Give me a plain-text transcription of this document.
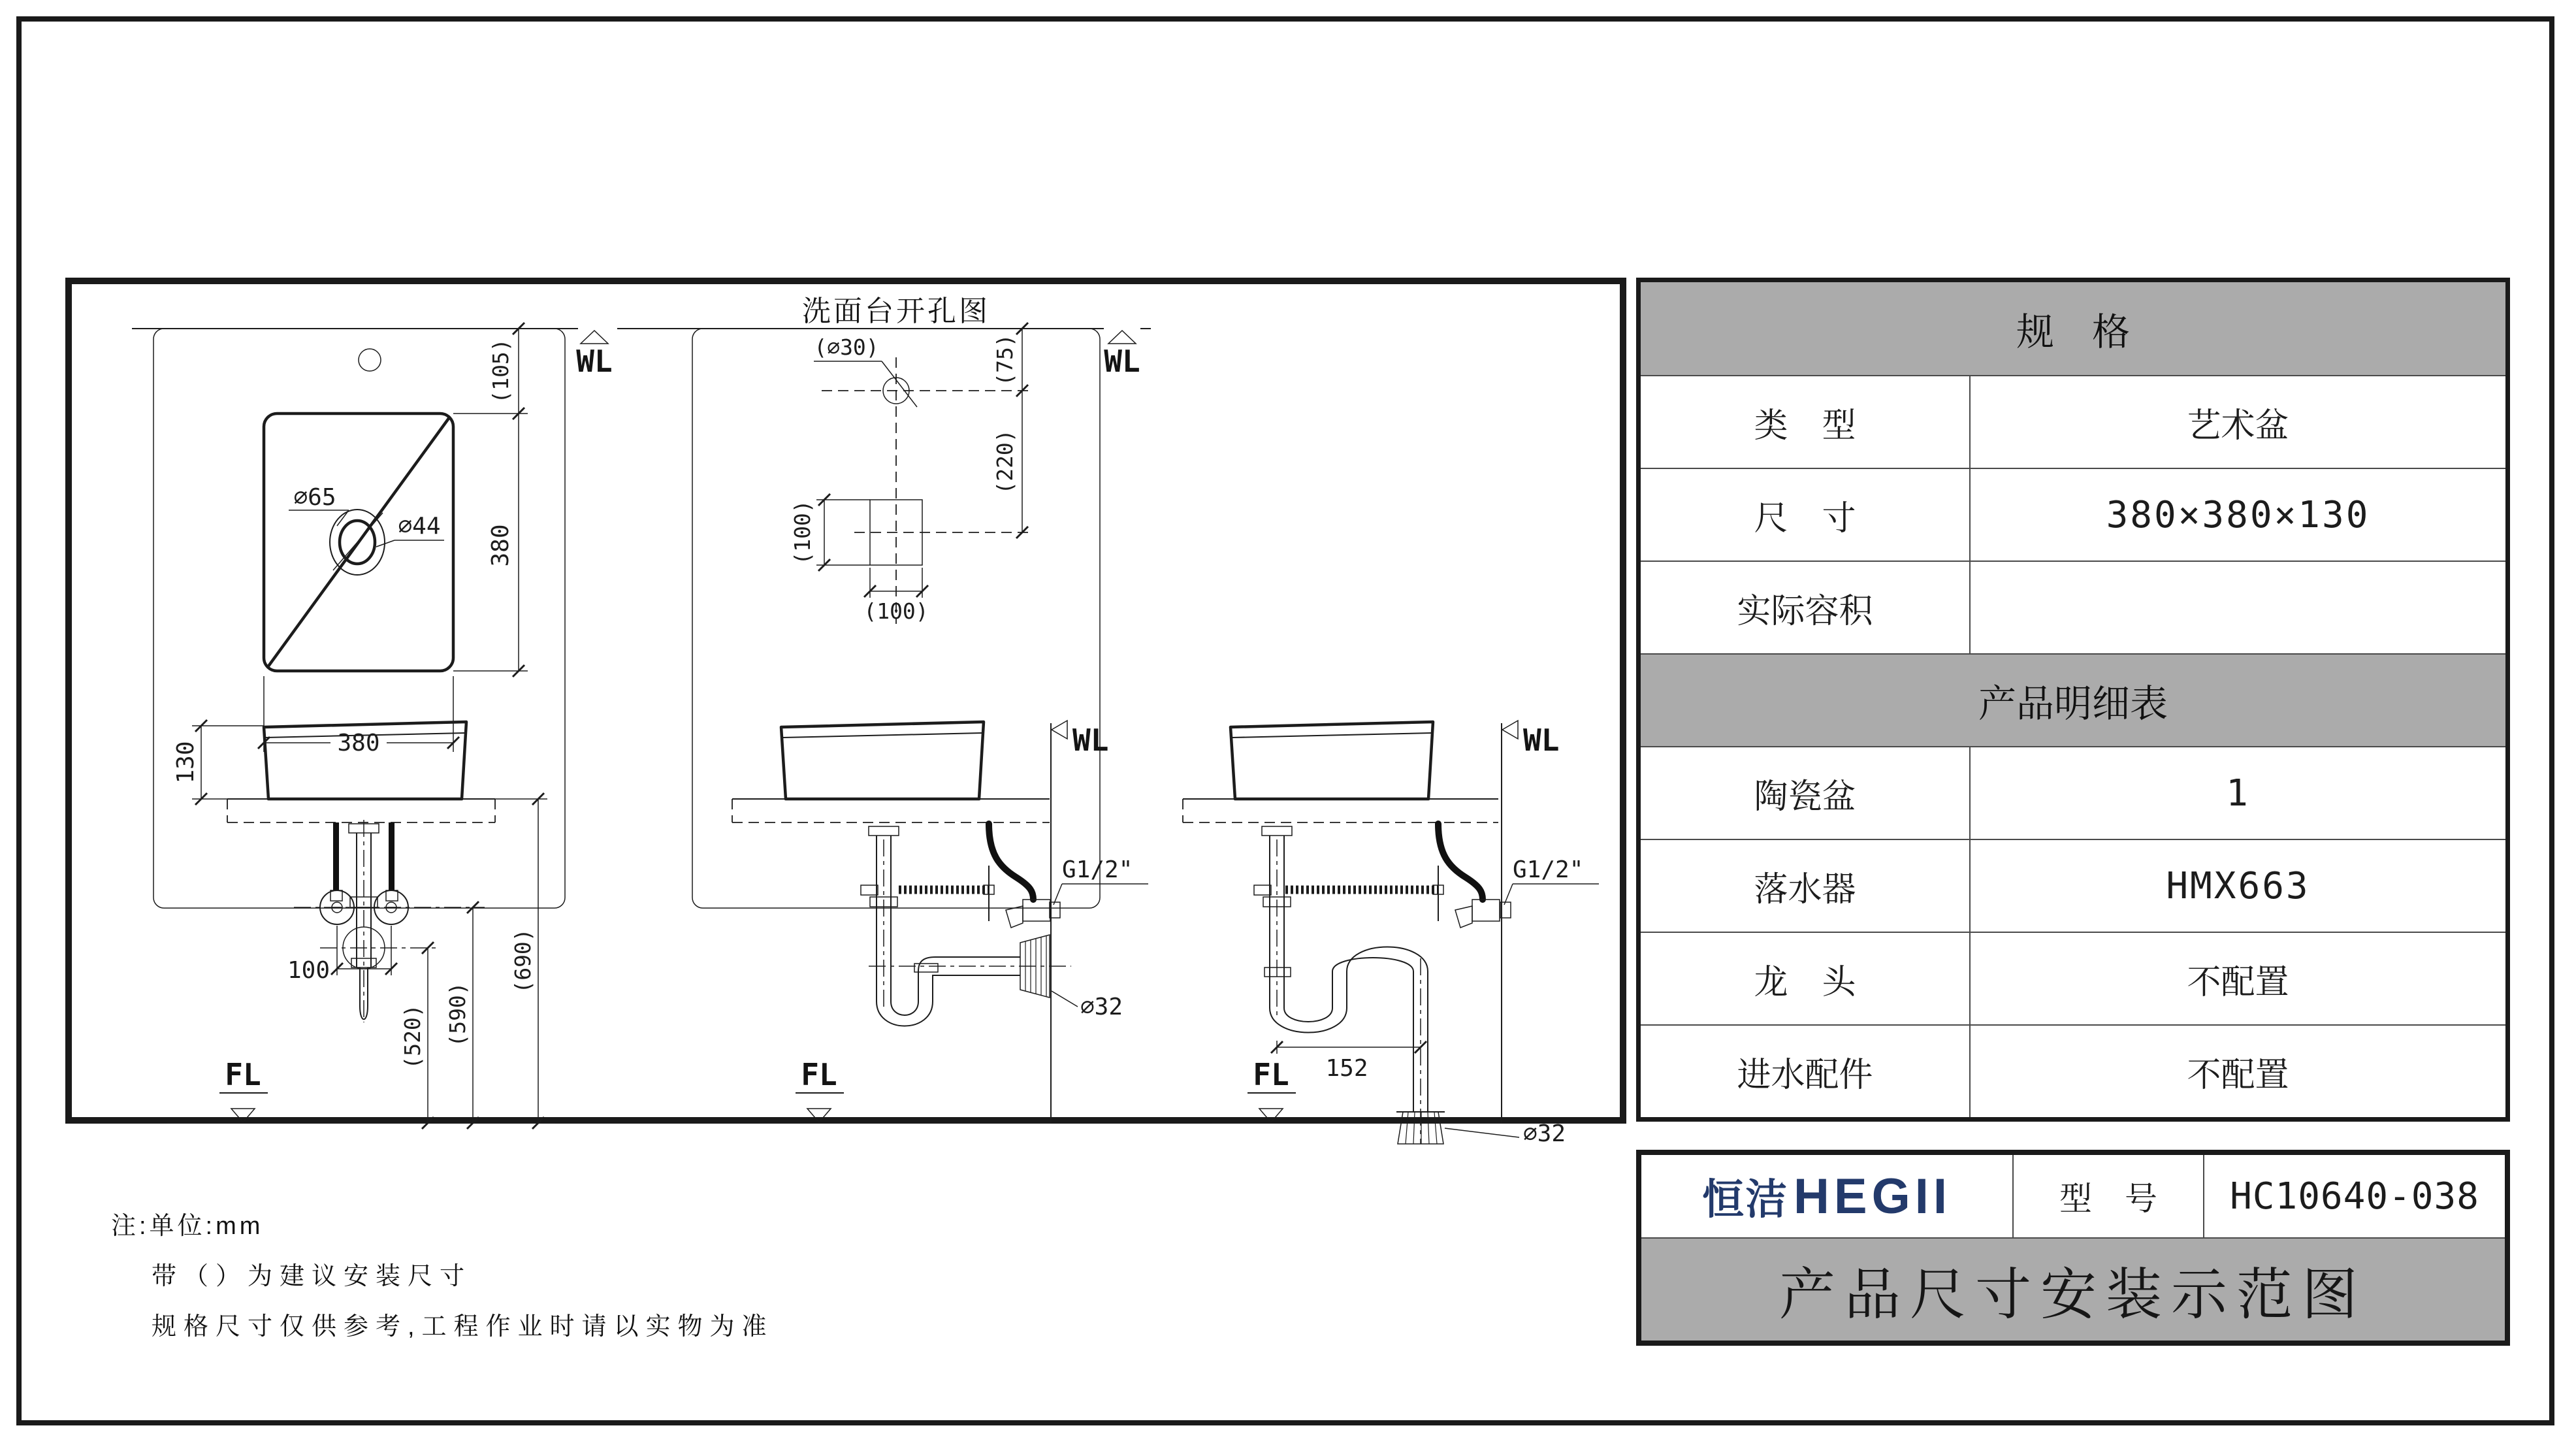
∅65
∅44
380
(105)
380
WL
洗面台开孔图
(∅30)
(100)
(100)
(75)
(220)
WL
130
100
(520) (590)
(690)
FL
WL
G1/2"
∅32
FL
WL
152
∅32
G1/2"
FL
规　格
类　型	艺术盆
尺　寸	380×380×130
实际容积
产品明细表
陶瓷盆	1
落水器	HMX663
龙　头	不配置
进水配件	不配置
恒洁 HEGII	型　号 HC10640-038
产品尺寸安装示范图
注:单位:mm
带（）为建议安装尺寸
规格尺寸仅供参考,工程作业时请以实物为准
